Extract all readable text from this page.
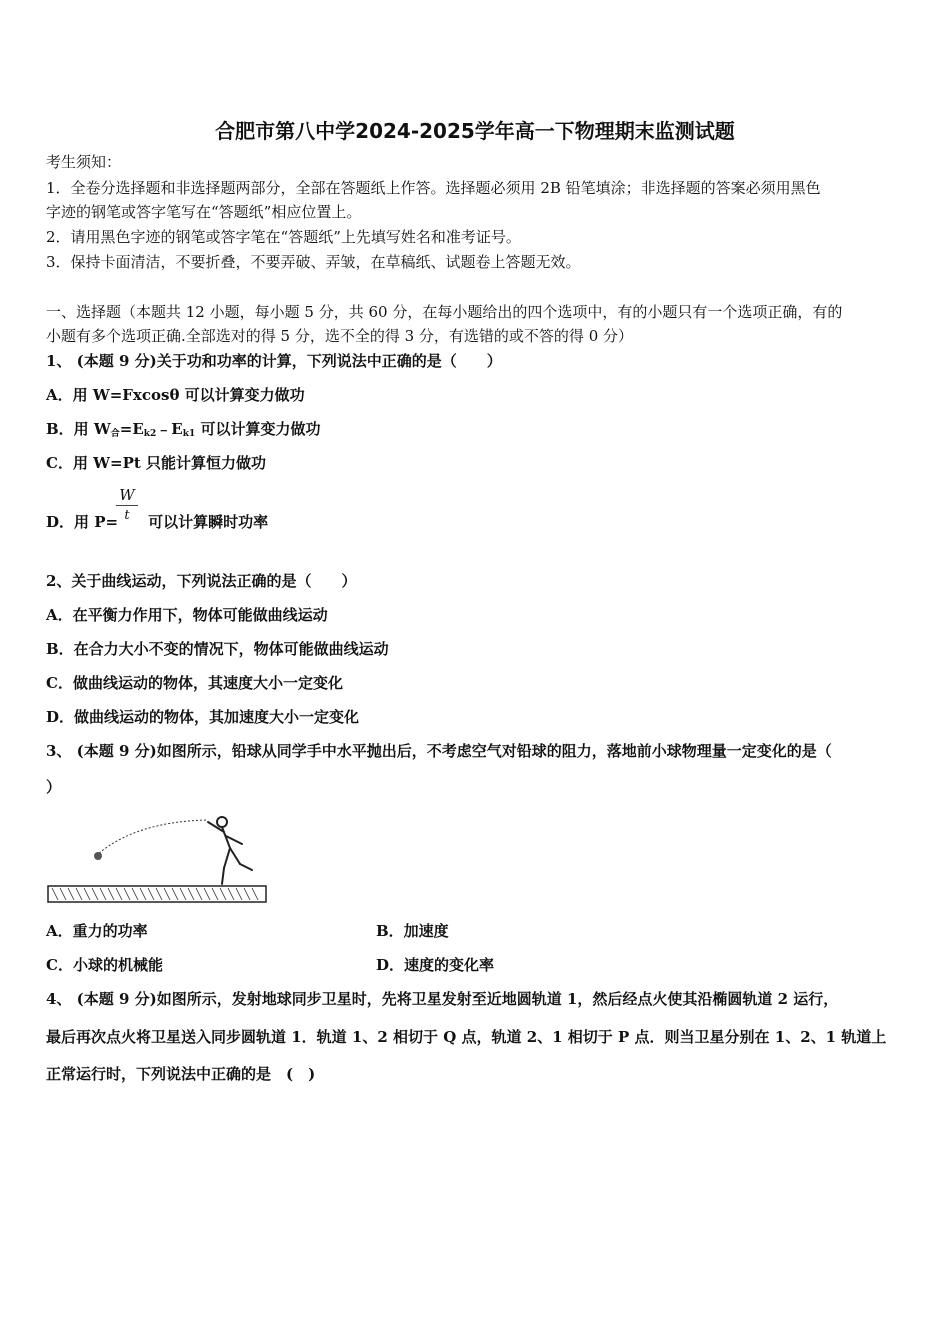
合肥市第八中学2024-2025学年高一下物理期末监测试题
考生须知：
1．全卷分选择题和非选择题两部分，全部在答题纸上作答。选择题必须用 2B 铅笔填涂；非选择题的答案必须用黑色
字迹的钢笔或答字笔写在“答题纸”相应位置上。
2．请用黑色字迹的钢笔或答字笔在“答题纸”上先填写姓名和准考证号。
3．保持卡面清洁，不要折叠，不要弄破、弄皱，在草稿纸、试题卷上答题无效。
一、选择题（本题共 12 小题，每小题 5 分，共 60 分，在每小题给出的四个选项中，有的小题只有一个选项正确，有的
小题有多个选项正确.全部选对的得 5 分，选不全的得 3 分，有选错的或不答的得 0 分）
1、 (本题 9 分)关于功和功率的计算，下列说法中正确的是（　　）
A．用 W=Fxcosθ 可以计算变力做功
B．用 $W_合=E_{k2}﹣E_{k1}$ 可以计算变力做功
C．用 W=Pt 只能计算恒力做功
D．用 P= 可以计算瞬时功率
W
t
2、关于曲线运动，下列说法正确的是（　　）
A．在平衡力作用下，物体可能做曲线运动
B．在合力大小不变的情况下，物体可能做曲线运动
C．做曲线运动的物体，其速度大小一定变化
D．做曲线运动的物体，其加速度大小一定变化
3、 (本题 9 分)如图所示，铅球从同学手中水平抛出后，不考虑空气对铅球的阻力，落地前小球物理量一定变化的是（
）
A．重力的功率	B．加速度
C．小球的机械能	D．速度的变化率
4、 (本题 9 分)如图所示，发射地球同步卫星时，先将卫星发射至近地圆轨道 1，然后经点火使其沿椭圆轨道 2 运行，
最后再次点火将卫星送入同步圆轨道 1．轨道 1、2 相切于 Q 点，轨道 2、1 相切于 P 点．则当卫星分别在 1、2、1 轨道上
正常运行时，下列说法中正确的是　(　)
